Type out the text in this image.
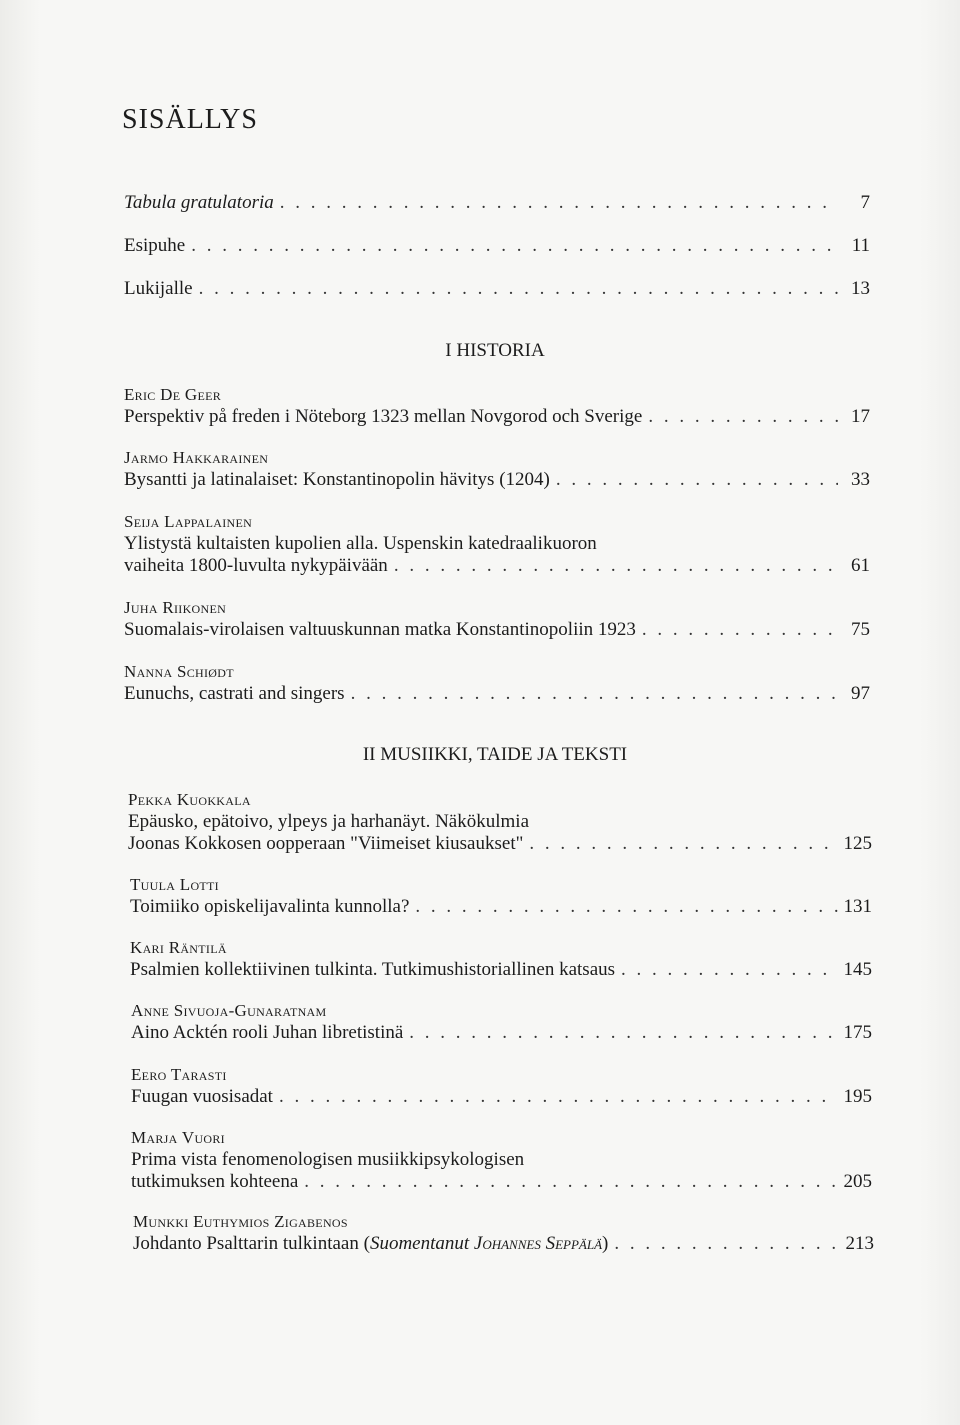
SISÄLLYS
Tabula gratulatoria . . .	7
Esipuhe . . .	11
Lukijalle . . .	13
I HISTORIA
Eric De Geer
Perspektiv på freden i Nöteborg 1323 mellan Novgorod och Sverige . . .	17
Jarmo Hakkarainen
Bysantti ja latinalaiset: Konstantinopolin hävitys (1204) . . .	33
Seija Lappalainen
Ylistystä kultaisten kupolien alla. Uspenskin katedraalikuoron
vaiheita 1800-luvulta nykypäivään . . .	61
Juha Riikonen
Suomalais-virolaisen valtuuskunnan matka Konstantinopoliin 1923 . . .	75
Nanna Schiødt
Eunuchs, castrati and singers . . .	97
II MUSIIKKI, TAIDE JA TEKSTI
Pekka Kuokkala
Epäusko, epätoivo, ylpeys ja harhanäyt. Näkökulmia
Joonas Kokkosen oopperaan "Viimeiset kiusaukset" . . .	125
Tuula Lotti
Toimiiko opiskelijavalinta kunnolla? . . .	131
Kari Räntilä
Psalmien kollektiivinen tulkinta. Tutkimushistoriallinen katsaus . . .	145
Anne Sivuoja-Gunaratnam
Aino Acktén rooli Juhan libretistinä . . .	175
Eero Tarasti
Fuugan vuosisadat . . .	195
Marja Vuori
Prima vista fenomenologisen musiikkipsykologisen
tutkimuksen kohteena . . .	205
Munkki Euthymios Zigabenos
Johdanto Psalttarin tulkintaan (Suomentanut Johannes Seppälä) . . .	213
